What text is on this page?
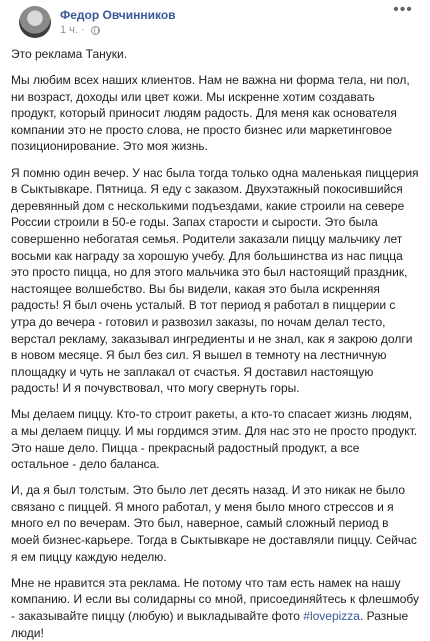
Федор Овчинников
1 ч. ·
•••

Это реклама Тануки.

Мы любим всех наших клиентов. Нам не важна ни форма тела, ни пол, ни возраст, доходы или цвет кожи. Мы искренне хотим создавать продукт, который приносит людям радость. Для меня как основателя компании это не просто слова, не просто бизнес или маркетинговое позиционирование. Это моя жизнь.

Я помню один вечер. У нас была тогда только одна маленькая пиццерия в Сыктывкаре. Пятница. Я еду с заказом. Двухэтажный покосившийся деревянный дом с несколькими подъездами, какие строили на севере России строили в 50-е годы. Запах старости и сырости. Это была совершенно небогатая семья. Родители заказали пиццу мальчику лет восьми как награду за хорошую учебу. Для большинства из нас пицца это просто пицца, но для этого мальчика это был настоящий праздник, настоящее волшебство. Вы бы видели, какая это была искренняя радость! Я был очень усталый. В тот период я работал в пиццерии с утра до вечера - готовил и развозил заказы, по ночам делал тесто, верстал рекламу, заказывал ингредиенты и не знал, как я закрою долги в новом месяце. Я был без сил. Я вышел в темноту на лестничную площадку и чуть не заплакал от счастья. Я доставил настоящую радость! И я почувствовал, что могу свернуть горы.

Мы делаем пиццу. Кто-то строит ракеты, а кто-то спасает жизнь людям, а мы делаем пиццу. И мы гордимся этим. Для нас это не просто продукт. Это наше дело. Пицца - прекрасный радостный продукт, а все остальное - дело баланса.

И, да я был толстым. Это было лет десять назад. И это никак не было связано с пиццей. Я много работал, у меня было много стрессов и я много ел по вечерам. Это был, наверное, самый сложный период в моей бизнес-карьере. Тогда в Сыктывкаре не доставляли пиццу. Сейчас я ем пиццу каждую неделю.

Мне не нравится эта реклама. Не потому что там есть намек на нашу компанию. И если вы солидарны со мной, присоединяйтесь к флешмобу - заказывайте пиццу (любую) и выкладывайте фото #lovepizza. Разные люди!
